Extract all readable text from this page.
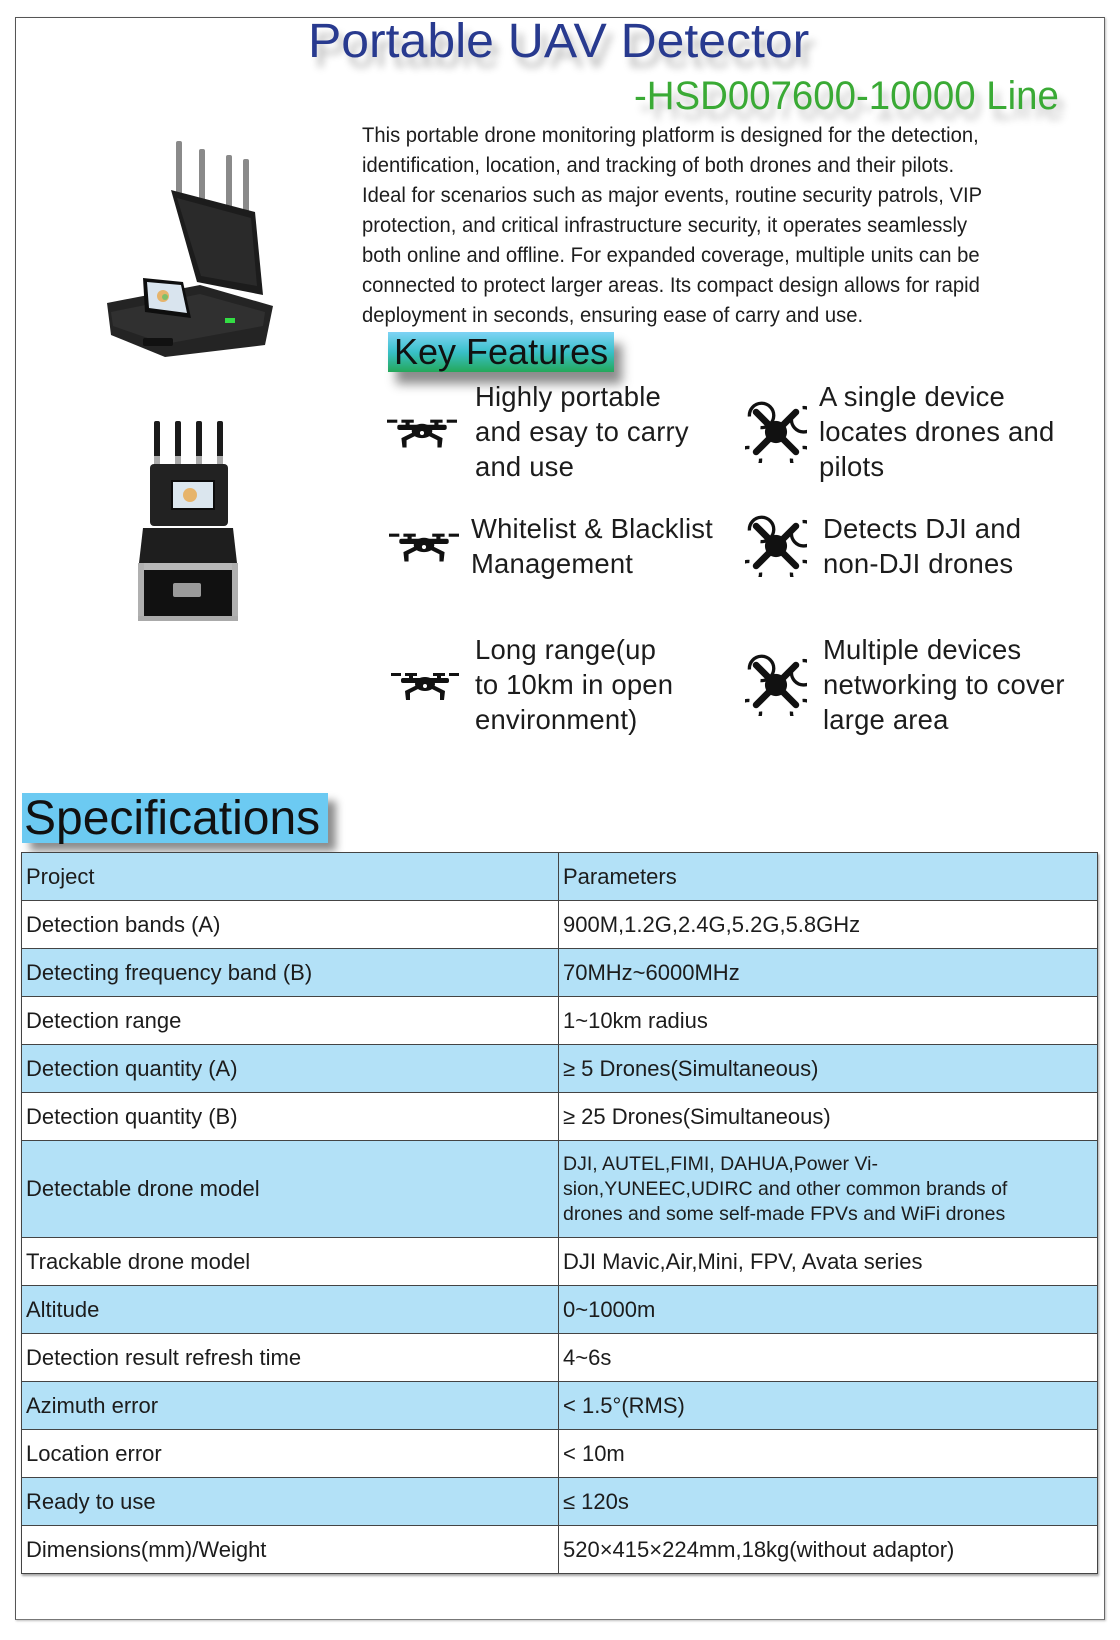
Portable UAV Detector
-HSD007600-10000 Line

This portable drone monitoring platform is designed for the detection,

identification, location, and tracking of both drones and their pilots.

Ideal for scenarios such as major events, routine security patrols, VIP

protection, and critical infrastructure security, it operates seamlessly

both online and offline. For expanded coverage, multiple units can be

connected to protect larger areas. Its compact design allows for rapid

deployment in seconds, ensuring ease of carry and use.

Key Features
Highly portable
and esay to carry
and use
A single device
locates drones and
pilots
Whitelist & Blacklist
Management
Detects DJI and
non-DJI drones
Long range(up
to 10km in open
environment)
Multiple devices
networking to cover
large area
Specifications
Project	Parameters
Detection bands (A)	900M,1.2G,2.4G,5.2G,5.8GHz
Detecting frequency band (B)	70MHz~6000MHz
Detection range	1~10km radius
Detection quantity (A)	≥ 5 Drones(Simultaneous)
Detection quantity (B)	≥ 25 Drones(Simultaneous)
Detectable drone model	DJI, AUTEL,FIMI, DAHUA,Power Vi-
sion,YUNEEC,UDIRC and other common brands of
drones and some self-made FPVs and WiFi drones

Trackable drone model	DJI Mavic,Air,Mini, FPV, Avata series
Altitude	0~1000m
Detection result refresh time	4~6s
Azimuth error	< 1.5°(RMS)
Location error	< 10m
Ready to use	≤ 120s
Dimensions(mm)/Weight	520×415×224mm,18kg(without adaptor)
